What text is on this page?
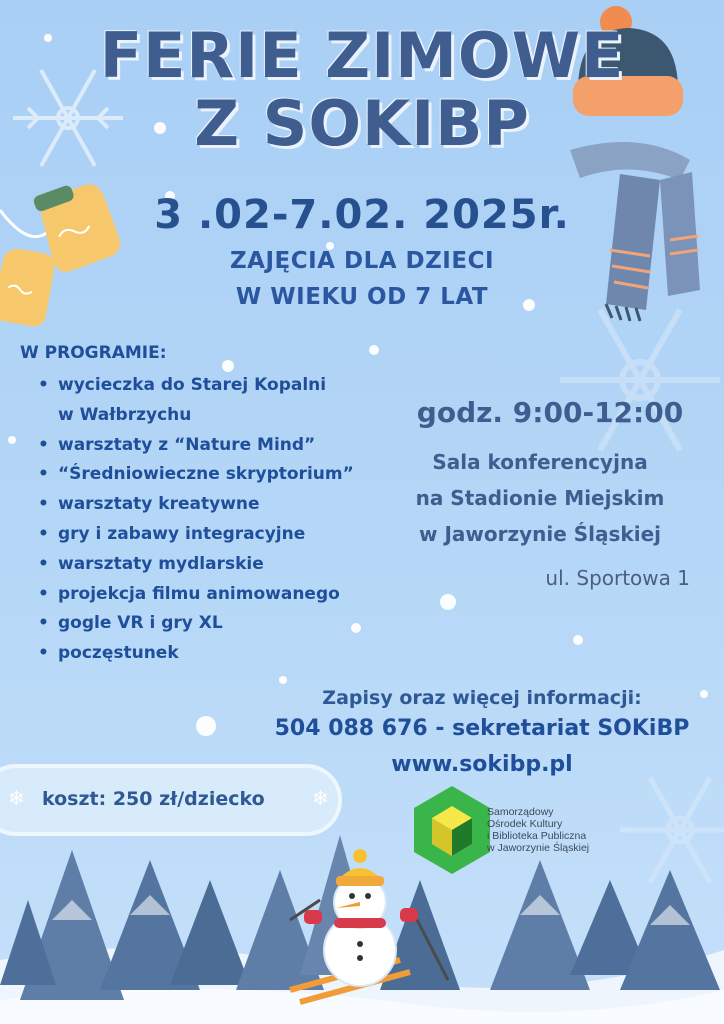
FERIE ZIMOWE
Z SOKIBP
3 .02-7.02. 2025r.
ZAJĘCIA DLA DZIECI
W WIEKU OD 7 LAT
W PROGRAMIE:
• wycieczka do Starej Kopalni
w Wałbrzychu
• warsztaty z “Nature Mind”
• “Średniowieczne skryptorium”
• warsztaty kreatywne
• gry i zabawy integracyjne
• warsztaty mydlarskie
• projekcja filmu animowanego
• gogle VR i gry XL
• poczęstunek
godz. 9:00-12:00
Sala konferencyjna
na Stadionie Miejskim
w Jaworzynie Śląskiej
ul. Sportowa 1
Zapisy oraz więcej informacji:
504 088 676 - sekretariat SOKiBP
www.sokibp.pl
❄ koszt: 250 zł/dziecko ❄
Samorządowy
Ośrodek Kultury
i Biblioteka Publiczna
w Jaworzynie Śląskiej
